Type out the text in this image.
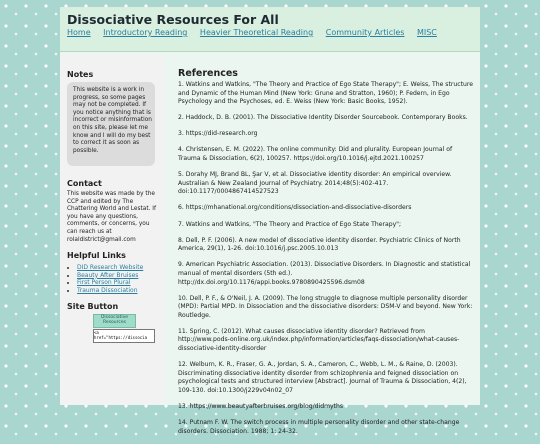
Dissociative Resources For All
Home Introductory Reading Heavier Theoretical Reading Community Articles MISC
Notes
This website is a work in progress, so some pages may not be completed. If you notice anything that is incorrect or misinformation on this site, please let me know and I will do my best to correct it as soon as possible.
Contact
This website was made by the CCP and edited by The Chattering World and Lestat. If you have any questions, comments, or concerns, you can reach us at rolaldistrict@gmail.com
Helpful Links
• DID Research Website
• Beauty After Bruises
• First Person Plural
• Trauma Dissociation
Site Button
Dissociative Resources
<a
href="https://dissocia
References

1. Watkins and Watkins, "The Theory and Practice of Ego State Therapy"; E. Weiss, The structure and Dynamic of the Human Mind (New York: Grune and Stratton, 1960); P. Federn, in Ego Psychology and the Psychoses, ed. E. Weiss (New York: Basic Books, 1952).

2. Haddock, D. B. (2001). The Dissociative Identity Disorder Sourcebook. Contemporary Books.

3. https://did-research.org

4. Christensen, E. M. (2022). The online community: Did and plurality. European Journal of Trauma & Dissociation, 6(2), 100257. https://doi.org/10.1016/j.ejtd.2021.100257

5. Dorahy MJ, Brand BL, Şar V, et al. Dissociative identity disorder: An empirical overview. Australian & New Zealand Journal of Psychiatry. 2014;48(5):402-417. doi:10.1177/0004867414527523

6. https://mhanational.org/conditions/dissociation-and-dissociative-disorders

7. Watkins and Watkins, "The Theory and Practice of Ego State Therapy";

8. Dell, P. F. (2006). A new model of dissociative identity disorder. Psychiatric Clinics of North America, 29(1), 1-26. doi:10.1016/j.psc.2005.10.013

9. American Psychiatric Association. (2013). Dissociative Disorders. In Diagnostic and statistical manual of mental disorders (5th ed.). http://dx.doi.org/10.1176/appi.books.9780890425596.dsm08

10. Dell, P. F., & O'Neil, J. A. (2009). The long struggle to diagnose multiple personality disorder (MPD): Partial MPD. In Dissociation and the dissociative disorders: DSM-V and beyond. New York: Routledge.

11. Spring, C. (2012). What causes dissociative identity disorder? Retrieved from http://www.pods-online.org.uk/index.php/information/articles/faqs-dissociation/what-causes-dissociative-identity-disorder

12. Welburn, K. R., Fraser, G. A., Jordan, S. A., Cameron, C., Webb, L. M., & Raine, D. (2003). Discriminating dissociative identity disorder from schizophrenia and feigned dissociation on psychological tests and structured interview [Abstract]. Journal of Trauma & Dissociation, 4(2), 109-130. doi:10.1300/j229v04n02_07

13. https://www.beautyafterbruises.org/blog/didmyths

14. Putnam F. W. The switch process in multiple personality disorder and other state-change disorders. Dissociation. 1988; 1: 24-32.
